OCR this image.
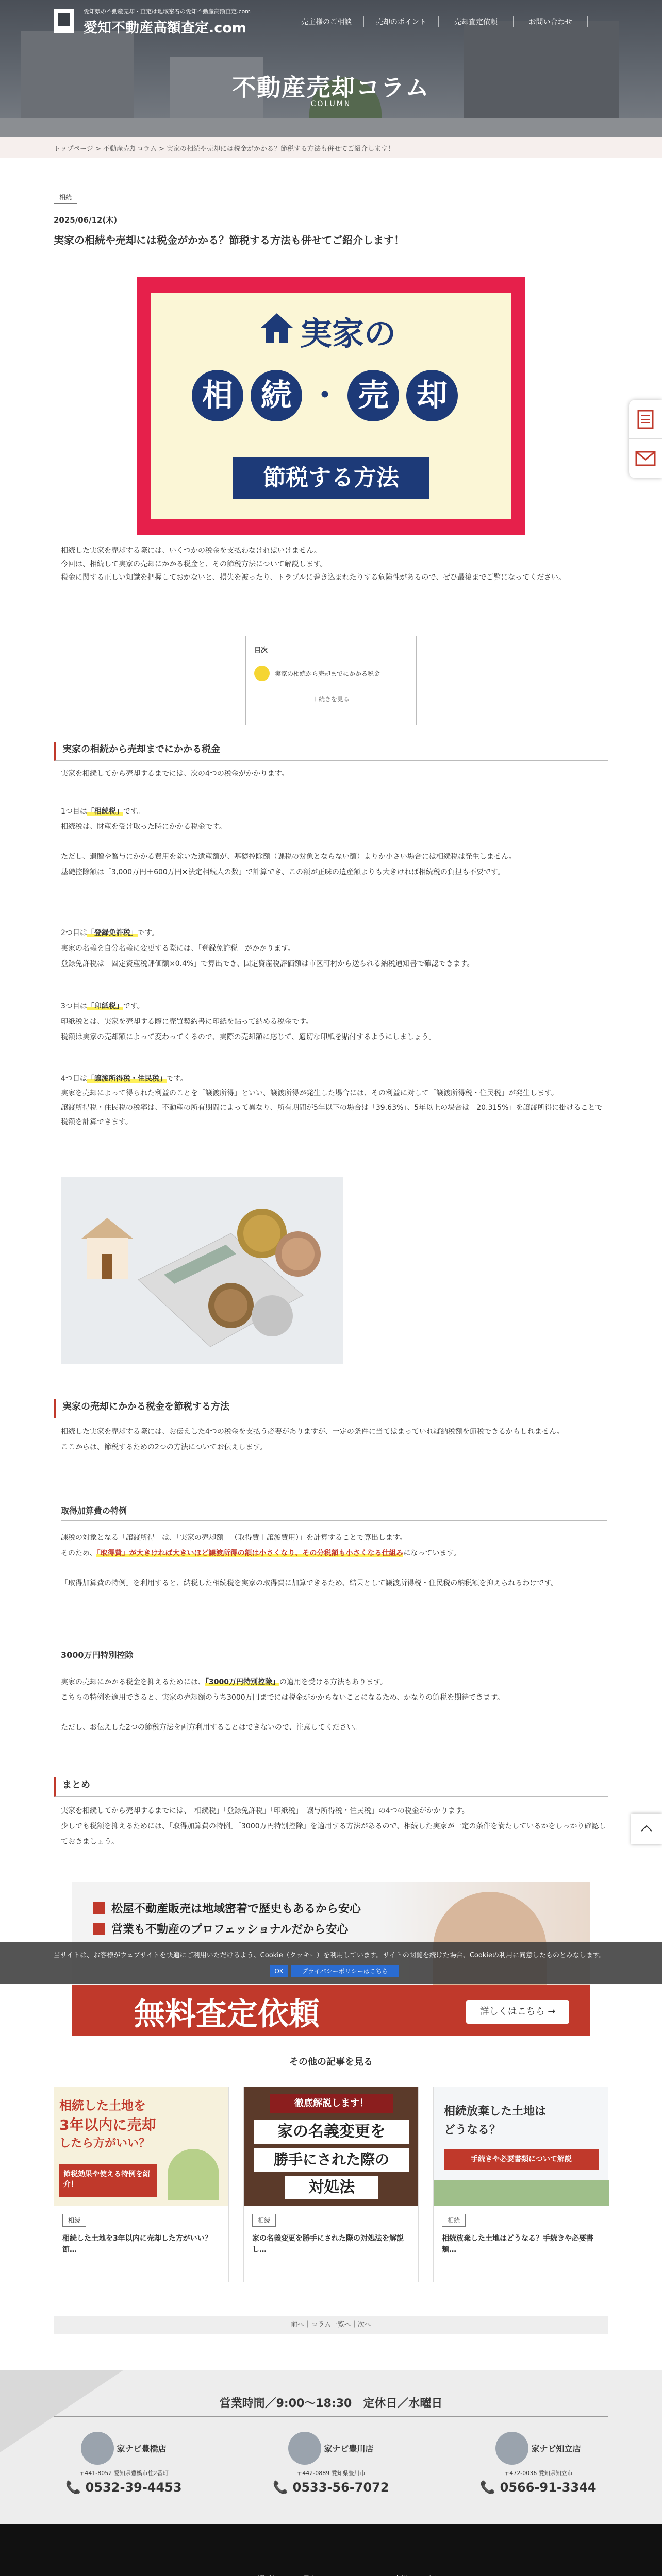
愛知県の不動産売却・査定は地域密着の愛知不動産高額査定.com
愛知不動産高額査定.com	売主様のご相談	売却のポイント	売却査定依頼	お問い合わせ
不動産売却コラム
COLUMN
トップページ > 不動産売却コラム > 実家の相続や売却には税金がかかる？節税する方法も併せてご紹介します！
相続
2025/06/12(木)
実家の相続や売却には税金がかかる？節税する方法も併せてご紹介します！
実家の
相 続 ・ 売 却
節税する方法
相続した実家を売却する際には、いくつかの税金を支払わなければいけません。
今回は、相続して実家の売却にかかる税金と、その節税方法について解説します。
税金に関する正しい知識を把握しておかないと、損失を被ったり、トラブルに巻き込まれたりする危険性があるので、ぜひ最後までご覧になってください。
目次
実家の相続から売却までにかかる税金
＋続きを見る
実家の相続から売却までにかかる税金
実家を相続してから売却するまでには、次の4つの税金がかかります。
1つ目は「相続税」です。
相続税は、財産を受け取った時にかかる税金です。
ただし、遺贈や贈与にかかる費用を除いた遺産額が、基礎控除額（課税の対象とならない額）よりか小さい場合には相続税は発生しません。
基礎控除額は「3,000万円＋600万円×法定相続人の数」で計算でき、この額が正味の遺産額よりも大きければ相続税の負担も不要です。
2つ目は「登録免許税」です。
実家の名義を自分名義に変更する際には、「登録免許税」がかかります。
登録免許税は「固定資産税評価額×0.4%」で算出でき、固定資産税評価額は市区町村から送られる納税通知書で確認できます。
3つ目は「印紙税」です。
印紙税とは、実家を売却する際に売買契約書に印紙を貼って納める税金です。
税額は実家の売却額によって変わってくるので、実際の売却額に応じて、適切な印紙を貼付するようにしましょう。
4つ目は「譲渡所得税・住民税」です。
実家を売却によって得られた利益のことを「譲渡所得」といい、譲渡所得が発生した場合には、その利益に対して「譲渡所得税・住民税」が発生します。
譲渡所得税・住民税の税率は、不動産の所有期間によって異なり、所有期間が5年以下の場合は「39.63%」、5年以上の場合は「20.315%」を譲渡所得に掛けることで税額を計算できます。
実家の売却にかかる税金を節税する方法
相続した実家を売却する際には、お伝えした4つの税金を支払う必要がありますが、一定の条件に当てはまっていれば納税額を節税できるかもしれません。
ここからは、節税するための2つの方法についてお伝えします。
取得加算費の特例
課税の対象となる「譲渡所得」は、「実家の売却額－（取得費＋譲渡費用）」を計算することで算出します。
そのため、「取得費」が大きければ大きいほど譲渡所得の額は小さくなり、その分税額も小さくなる仕組みになっています。
「取得加算費の特例」を利用すると、納税した相続税を実家の取得費に加算できるため、結果として譲渡所得税・住民税の納税額を抑えられるわけです。
3000万円特別控除
実家の売却にかかる税金を抑えるためには、「3000万円特別控除」の適用を受ける方法もあります。
こちらの特例を適用できると、実家の売却額のうち3000万円までには税金がかからないことになるため、かなりの節税を期待できます。
ただし、お伝えした2つの節税方法を両方利用することはできないので、注意してください。
まとめ
実家を相続してから売却するまでには、「相続税」「登録免許税」「印紙税」「譲与所得税・住民税」の4つの税金がかかります。
少しでも税額を抑えるためには、「取得加算費の特例」「3000万円特別控除」を適用する方法があるので、相続した実家が一定の条件を満たしているかをしっかり確認しておきましょう。
松屋不動産販売は地域密着で歴史もあるから安心
営業も不動産のプロフェッショナルだから安心
無料査定依頼	詳しくはこちら →
当サイトは、お客様がウェブサイトを快適にご利用いただけるよう、Cookie（クッキー）を利用しています。サイトの閲覧を続けた場合、Cookieの利用に同意したものとみなします。
OK	プライバシーポリシーはこちら
その他の記事を見る
相続した土地を
3年以内に売却
したら方がいい？
節税効果や使える特例を紹介！
相続
相続した土地を3年以内に売却した方がいい？節…
徹底解説します！
家の名義変更を
勝手にされた際の
対処法
相続
家の名義変更を勝手にされた際の対処法を解説し…
相続放棄した土地は
どうなる？
手続きや必要書類について解説
相続
相続放棄した土地はどうなる？手続きや必要書類…
前へ｜コラム一覧へ｜次へ
営業時間／9:00〜18:30　定休日／水曜日
家ナビ豊橋店
〒441-8052 愛知県豊橋市柱2番町
📞 0532-39-4453
家ナビ豊川店
〒442-0889 愛知県豊川市
📞 0533-56-7072
家ナビ知立店
〒472-0036 愛知県知立市
📞 0566-91-3344
